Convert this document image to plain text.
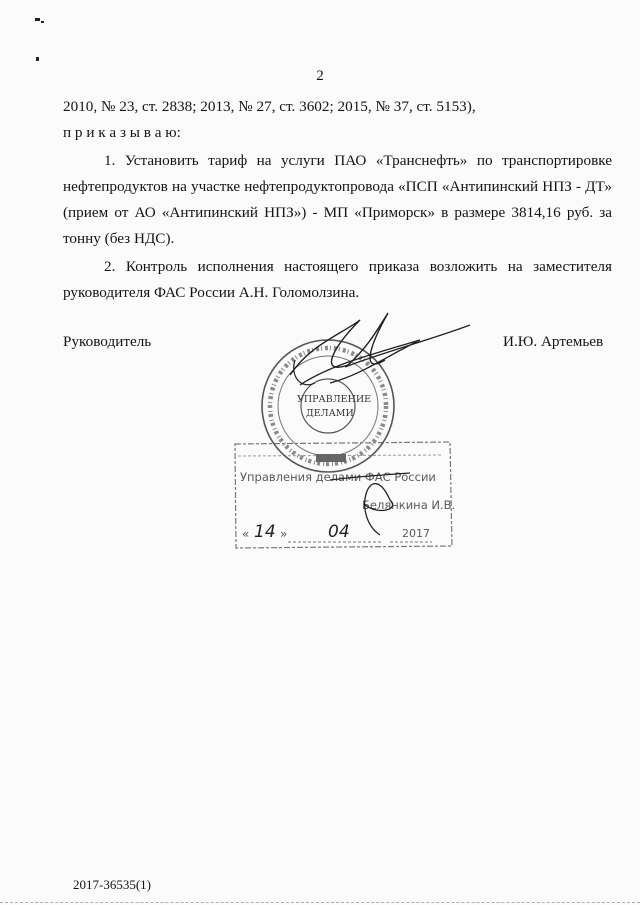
2
2010, № 23, ст. 2838; 2013, № 27, ст. 3602; 2015, № 37, ст. 5153),
п р и к а з ы в а ю:
1. Установить тариф на услуги ПАО «Транснефть» по транспортировке
нефтепродуктов на участке нефтепродуктопровода «ПСП «Антипинский НПЗ - ДТ»
(прием от АО «Антипинский НПЗ») - МП «Приморск» в размере 3814,16 руб. за
тонну (без НДС).
2. Контроль исполнения настоящего приказа возложить на заместителя
руководителя ФАС России А.Н. Голомолзина.
Руководитель	И.Ю. Артемьев
Управления делами ФАС России
Белянкина И.В.
« 14 » 04	2017
УПРАВЛЕНИЕ
ДЕЛАМИ
2017-36535(1)
